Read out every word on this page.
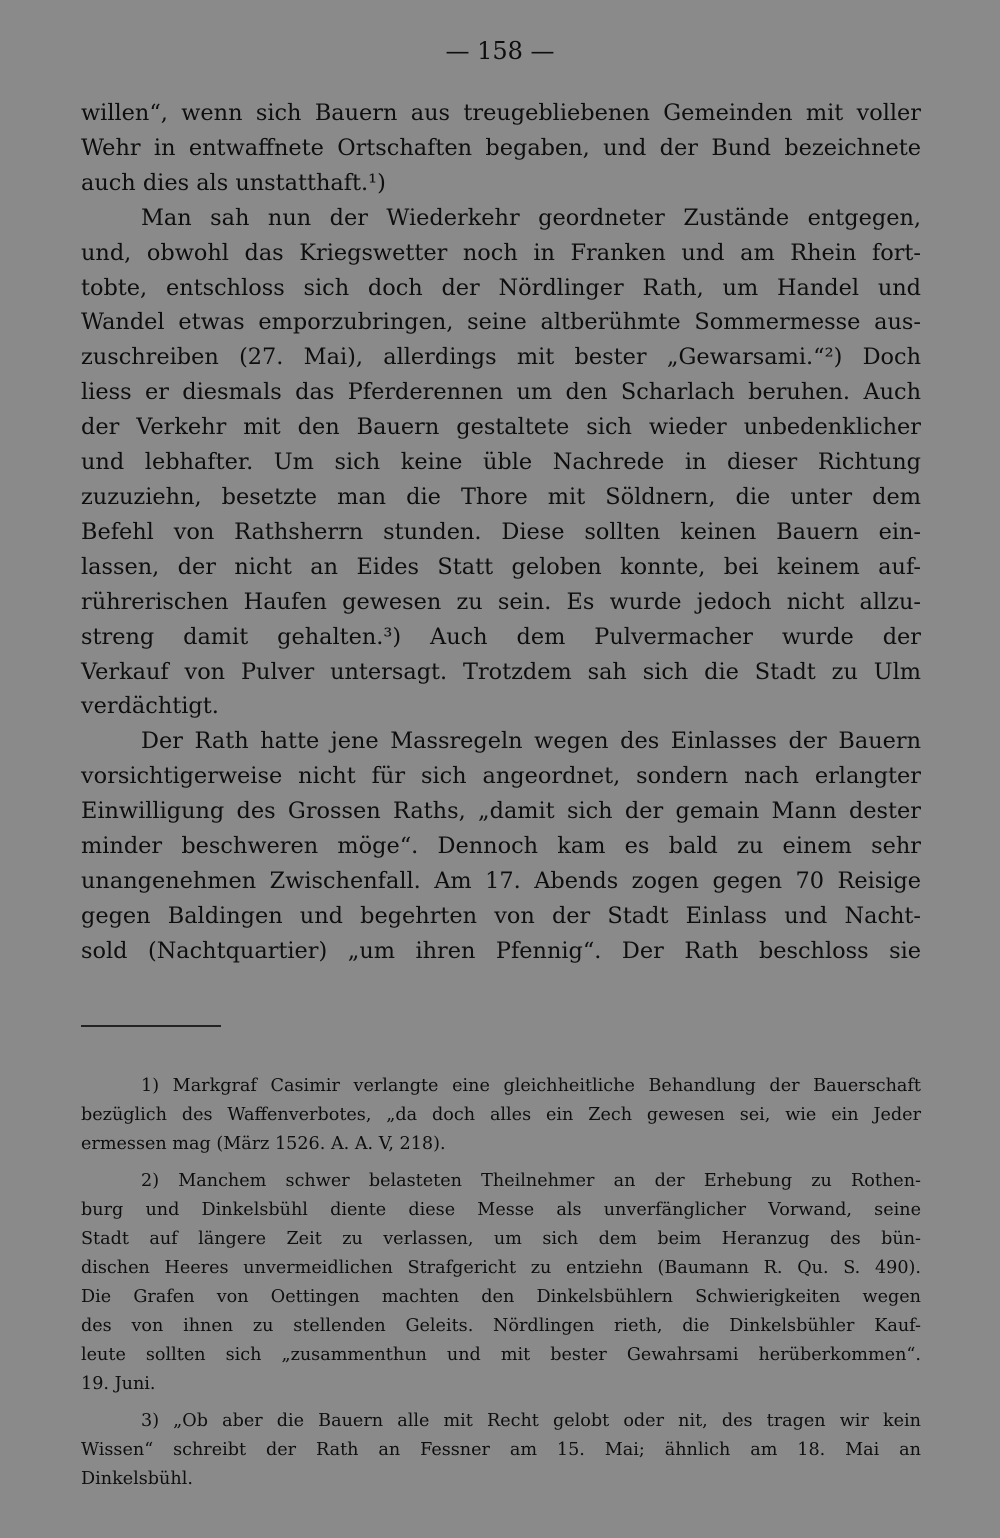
— 158 —

willen“, wenn sich Bauern aus treugebliebenen Gemeinden mit voller
Wehr in entwaffnete Ortschaften begaben, und der Bund bezeichnete
auch dies als unstatthaft.¹)

Man sah nun der Wiederkehr geordneter Zustände entgegen,
und, obwohl das Kriegswetter noch in Franken und am Rhein fort-
tobte, entschloss sich doch der Nördlinger Rath, um Handel und
Wandel etwas emporzubringen, seine altberühmte Sommermesse aus-
zuschreiben (27. Mai), allerdings mit bester „Gewarsami.“²) Doch
liess er diesmals das Pferderennen um den Scharlach beruhen. Auch
der Verkehr mit den Bauern gestaltete sich wieder unbedenklicher
und lebhafter. Um sich keine üble Nachrede in dieser Richtung
zuzuziehn, besetzte man die Thore mit Söldnern, die unter dem
Befehl von Rathsherrn stunden. Diese sollten keinen Bauern ein-
lassen, der nicht an Eides Statt geloben konnte, bei keinem auf-
rührerischen Haufen gewesen zu sein. Es wurde jedoch nicht allzu-
streng damit gehalten.³) Auch dem Pulvermacher wurde der
Verkauf von Pulver untersagt. Trotzdem sah sich die Stadt zu Ulm
verdächtigt.

Der Rath hatte jene Massregeln wegen des Einlasses der Bauern
vorsichtigerweise nicht für sich angeordnet, sondern nach erlangter
Einwilligung des Grossen Raths, „damit sich der gemain Mann dester
minder beschweren möge“. Dennoch kam es bald zu einem sehr
unangenehmen Zwischenfall. Am 17. Abends zogen gegen 70 Reisige
gegen Baldingen und begehrten von der Stadt Einlass und Nacht-
sold (Nachtquartier) „um ihren Pfennig“. Der Rath beschloss sie

1) Markgraf Casimir verlangte eine gleichheitliche Behandlung der Bauerschaft
bezüglich des Waffenverbotes, „da doch alles ein Zech gewesen sei, wie ein Jeder
ermessen mag (März 1526. A. A. V, 218).
2) Manchem schwer belasteten Theilnehmer an der Erhebung zu Rothen-
burg und Dinkelsbühl diente diese Messe als unverfänglicher Vorwand, seine
Stadt auf längere Zeit zu verlassen, um sich dem beim Heranzug des bün-
dischen Heeres unvermeidlichen Strafgericht zu entziehn (Baumann R. Qu. S. 490).
Die Grafen von Oettingen machten den Dinkelsbühlern Schwierigkeiten wegen
des von ihnen zu stellenden Geleits. Nördlingen rieth, die Dinkelsbühler Kauf-
leute sollten sich „zusammenthun und mit bester Gewahrsami herüberkommen“.
19. Juni.
3) „Ob aber die Bauern alle mit Recht gelobt oder nit, des tragen wir kein
Wissen“ schreibt der Rath an Fessner am 15. Mai; ähnlich am 18. Mai an
Dinkelsbühl.
